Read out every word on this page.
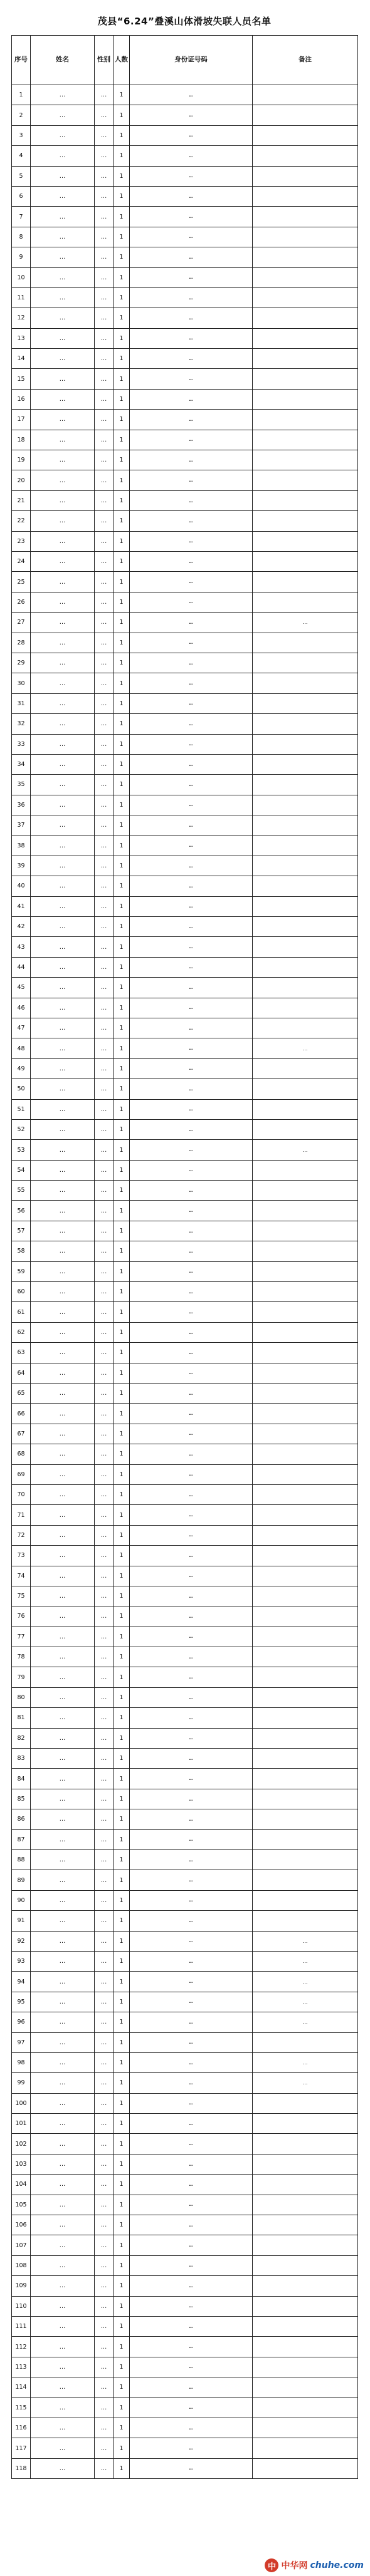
茂县“6.24”叠溪山体滑坡失联人员名单
序号	姓名	性别	人数	身份证号码	备注
1	…	…	1	…	
2	…	…	1	…	
3	…	…	1	…	
4	…	…	1	…	
5	…	…	1	…	
6	…	…	1	…	
7	…	…	1	…	
8	…	…	1	…	
9	…	…	1	…	
10	…	…	1	…	
11	…	…	1	…	
12	…	…	1	…	
13	…	…	1	…	
14	…	…	1	…	
15	…	…	1	…	
16	…	…	1	…	
17	…	…	1	…	
18	…	…	1	…	
19	…	…	1	…	
20	…	…	1	…	
21	…	…	1	…	
22	…	…	1	…	
23	…	…	1	…	
24	…	…	1	…	
25	…	…	1	…	
26	…	…	1	…	
27	…	…	1	…	…
28	…	…	1	…	
29	…	…	1	…	
30	…	…	1	…	
31	…	…	1	…	
32	…	…	1	…	
33	…	…	1	…	
34	…	…	1	…	
35	…	…	1	…	
36	…	…	1	…	
37	…	…	1	…	
38	…	…	1	…	
39	…	…	1	…	
40	…	…	1	…	
41	…	…	1	…	
42	…	…	1	…	
43	…	…	1	…	
44	…	…	1	…	
45	…	…	1	…	
46	…	…	1	…	
47	…	…	1	…	
48	…	…	1	…	…
49	…	…	1	…	
50	…	…	1	…	
51	…	…	1	…	
52	…	…	1	…	
53	…	…	1	…	…
54	…	…	1	…	
55	…	…	1	…	
56	…	…	1	…	
57	…	…	1	…	
58	…	…	1	…	
59	…	…	1	…	
60	…	…	1	…	
61	…	…	1	…	
62	…	…	1	…	
63	…	…	1	…	
64	…	…	1	…	
65	…	…	1	…	
66	…	…	1	…	
67	…	…	1	…	
68	…	…	1	…	
69	…	…	1	…	
70	…	…	1	…	
71	…	…	1	…	
72	…	…	1	…	
73	…	…	1	…	
74	…	…	1	…	
75	…	…	1	…	
76	…	…	1	…	
77	…	…	1	…	
78	…	…	1	…	
79	…	…	1	…	
80	…	…	1	…	
81	…	…	1	…	
82	…	…	1	…	
83	…	…	1	…	
84	…	…	1	…	
85	…	…	1	…	
86	…	…	1	…	
87	…	…	1	…	
88	…	…	1	…	
89	…	…	1	…	
90	…	…	1	…	
91	…	…	1	…	
92	…	…	1	…	…
93	…	…	1	…	…
94	…	…	1	…	…
95	…	…	1	…	…
96	…	…	1	…	…
97	…	…	1	…	
98	…	…	1	…	…
99	…	…	1	…	…
100	…	…	1	…	
101	…	…	1	…	
102	…	…	1	…	
103	…	…	1	…	
104	…	…	1	…	
105	…	…	1	…	
106	…	…	1	…	
107	…	…	1	…	
108	…	…	1	…	
109	…	…	1	…	
110	…	…	1	…	
111	…	…	1	…	
112	…	…	1	…	
113	…	…	1	…	
114	…	…	1	…	
115	…	…	1	…	
116	…	…	1	…	
117	…	…	1	…	
118	…	…	1	…	
中 中华网 chuhe.com
